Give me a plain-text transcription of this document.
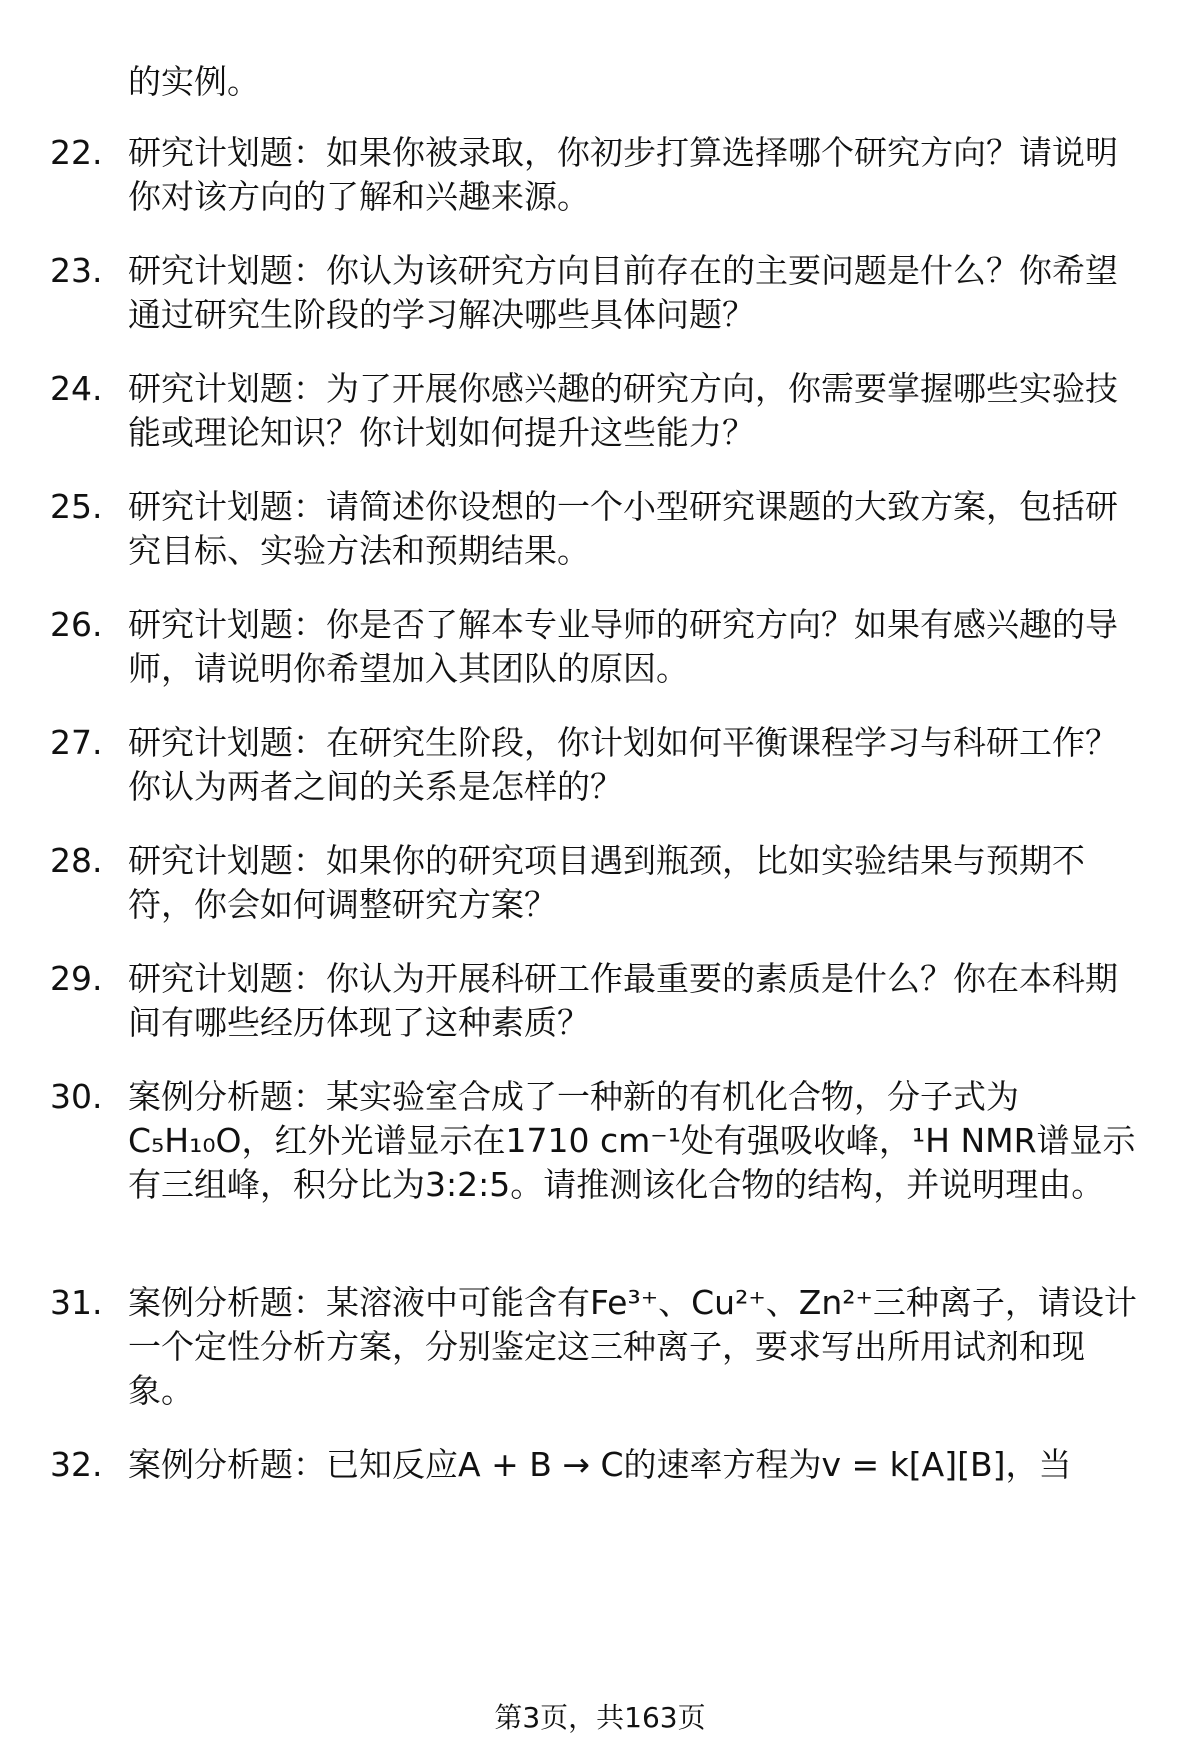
的实例。
22. 研究计划题：如果你被录取，你初步打算选择哪个研究方向？请说明你对该方向的了解和兴趣来源。
23. 研究计划题：你认为该研究方向目前存在的主要问题是什么？你希望通过研究生阶段的学习解决哪些具体问题？
24. 研究计划题：为了开展你感兴趣的研究方向，你需要掌握哪些实验技能或理论知识？你计划如何提升这些能力？
25. 研究计划题：请简述你设想的一个小型研究课题的大致方案，包括研究目标、实验方法和预期结果。
26. 研究计划题：你是否了解本专业导师的研究方向？如果有感兴趣的导师，请说明你希望加入其团队的原因。
27. 研究计划题：在研究生阶段，你计划如何平衡课程学习与科研工作？你认为两者之间的关系是怎样的？
28. 研究计划题：如果你的研究项目遇到瓶颈，比如实验结果与预期不符，你会如何调整研究方案？
29. 研究计划题：你认为开展科研工作最重要的素质是什么？你在本科期间有哪些经历体现了这种素质？
30. 案例分析题：某实验室合成了一种新的有机化合物，分子式为C₅H₁₀O，红外光谱显示在1710 cm⁻¹处有强吸收峰，¹H NMR谱显示有三组峰，积分比为3:2:5。请推测该化合物的结构，并说明理由。
31. 案例分析题：某溶液中可能含有Fe³⁺、Cu²⁺、Zn²⁺三种离子，请设计一个定性分析方案，分别鉴定这三种离子，要求写出所用试剂和现象。
32. 案例分析题：已知反应A + B → C的速率方程为v = k[A][B]，当
第3页，共163页
